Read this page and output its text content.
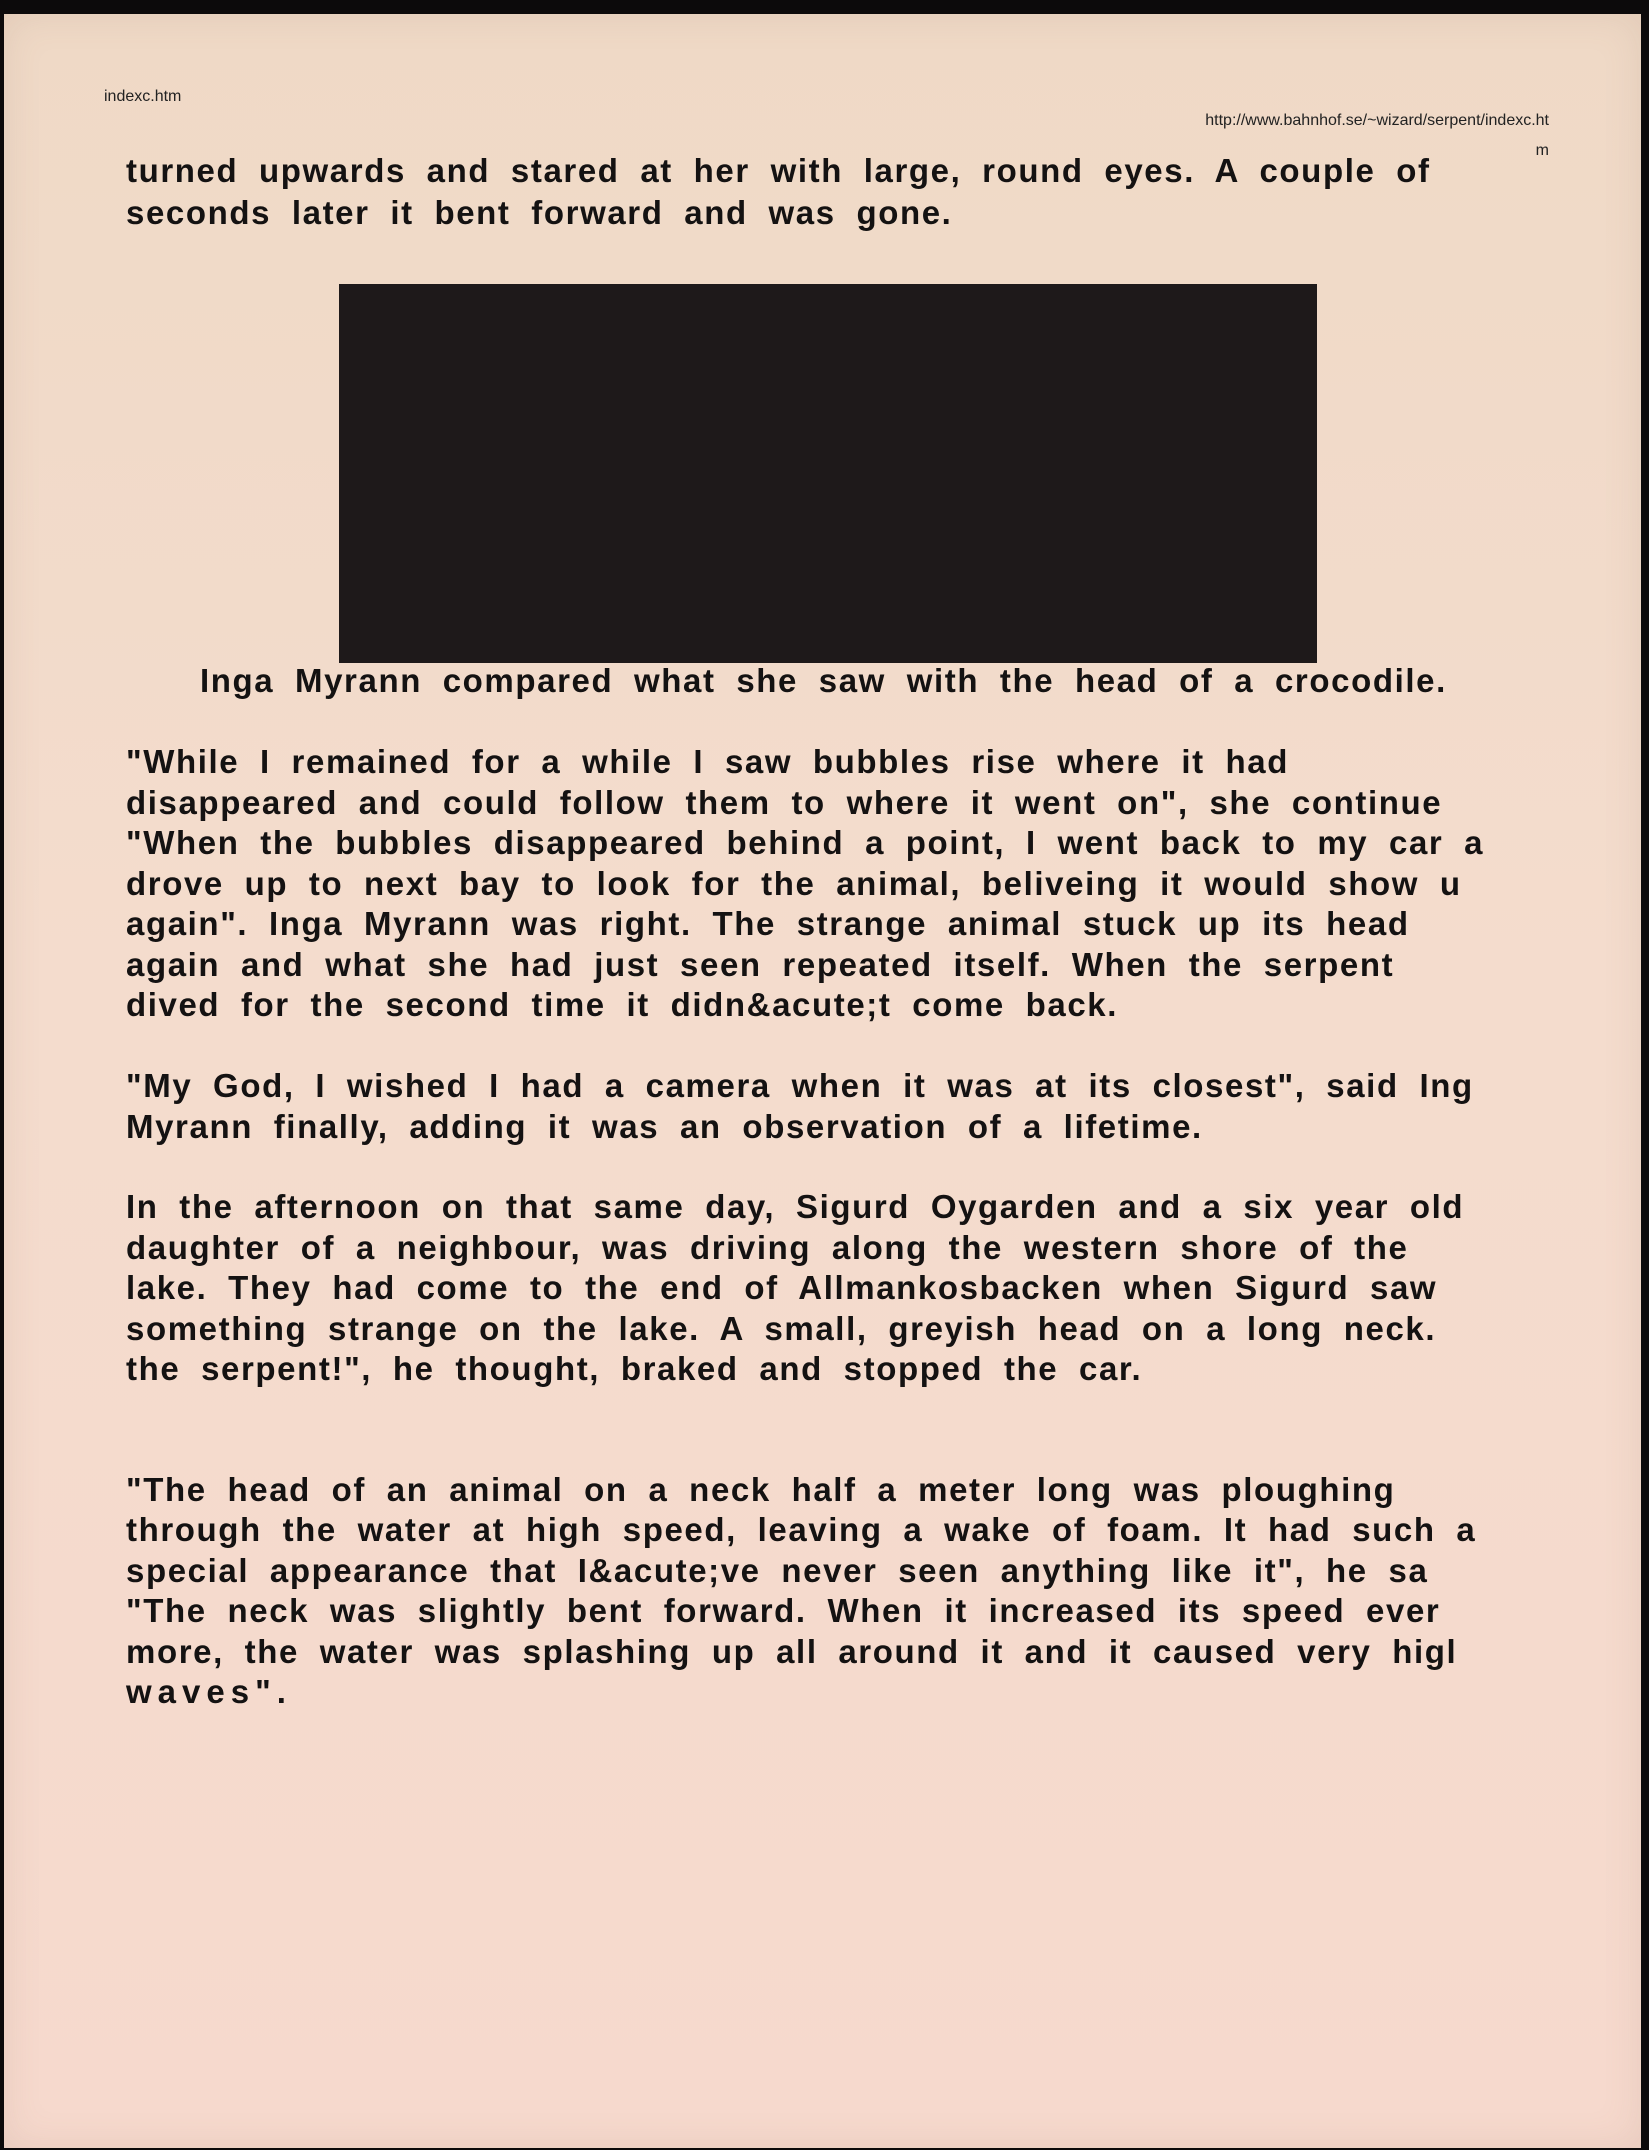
indexc.htm
http://www.bahnhof.se/~wizard/serpent/indexc.ht
m

turned upwards and stared at her with large, round eyes. A couple of
seconds later it bent forward and was gone.

Inga Myrann compared what she saw with the head of a crocodile.

"While I remained for a while I saw bubbles rise where it had
disappeared and could follow them to where it went on", she continue
"When the bubbles disappeared behind a point, I went back to my car a
drove up to next bay to look for the animal, beliveing it would show u
again". Inga Myrann was right. The strange animal stuck up its head
again and what she had just seen repeated itself. When the serpent
dived for the second time it didn&acute;t come back.

"My God, I wished I had a camera when it was at its closest", said Ing
Myrann finally, adding it was an observation of a lifetime.

In the afternoon on that same day, Sigurd Oygarden and a six year old
daughter of a neighbour, was driving along the western shore of the
lake. They had come to the end of Allmankosbacken when Sigurd saw
something strange on the lake. A small, greyish head on a long neck.
the serpent!", he thought, braked and stopped the car.

"The head of an animal on a neck half a meter long was ploughing
through the water at high speed, leaving a wake of foam. It had such a
special appearance that I&acute;ve never seen anything like it", he sa
"The neck was slightly bent forward. When it increased its speed ever
more, the water was splashing up all around it and it caused very higl

waves".
